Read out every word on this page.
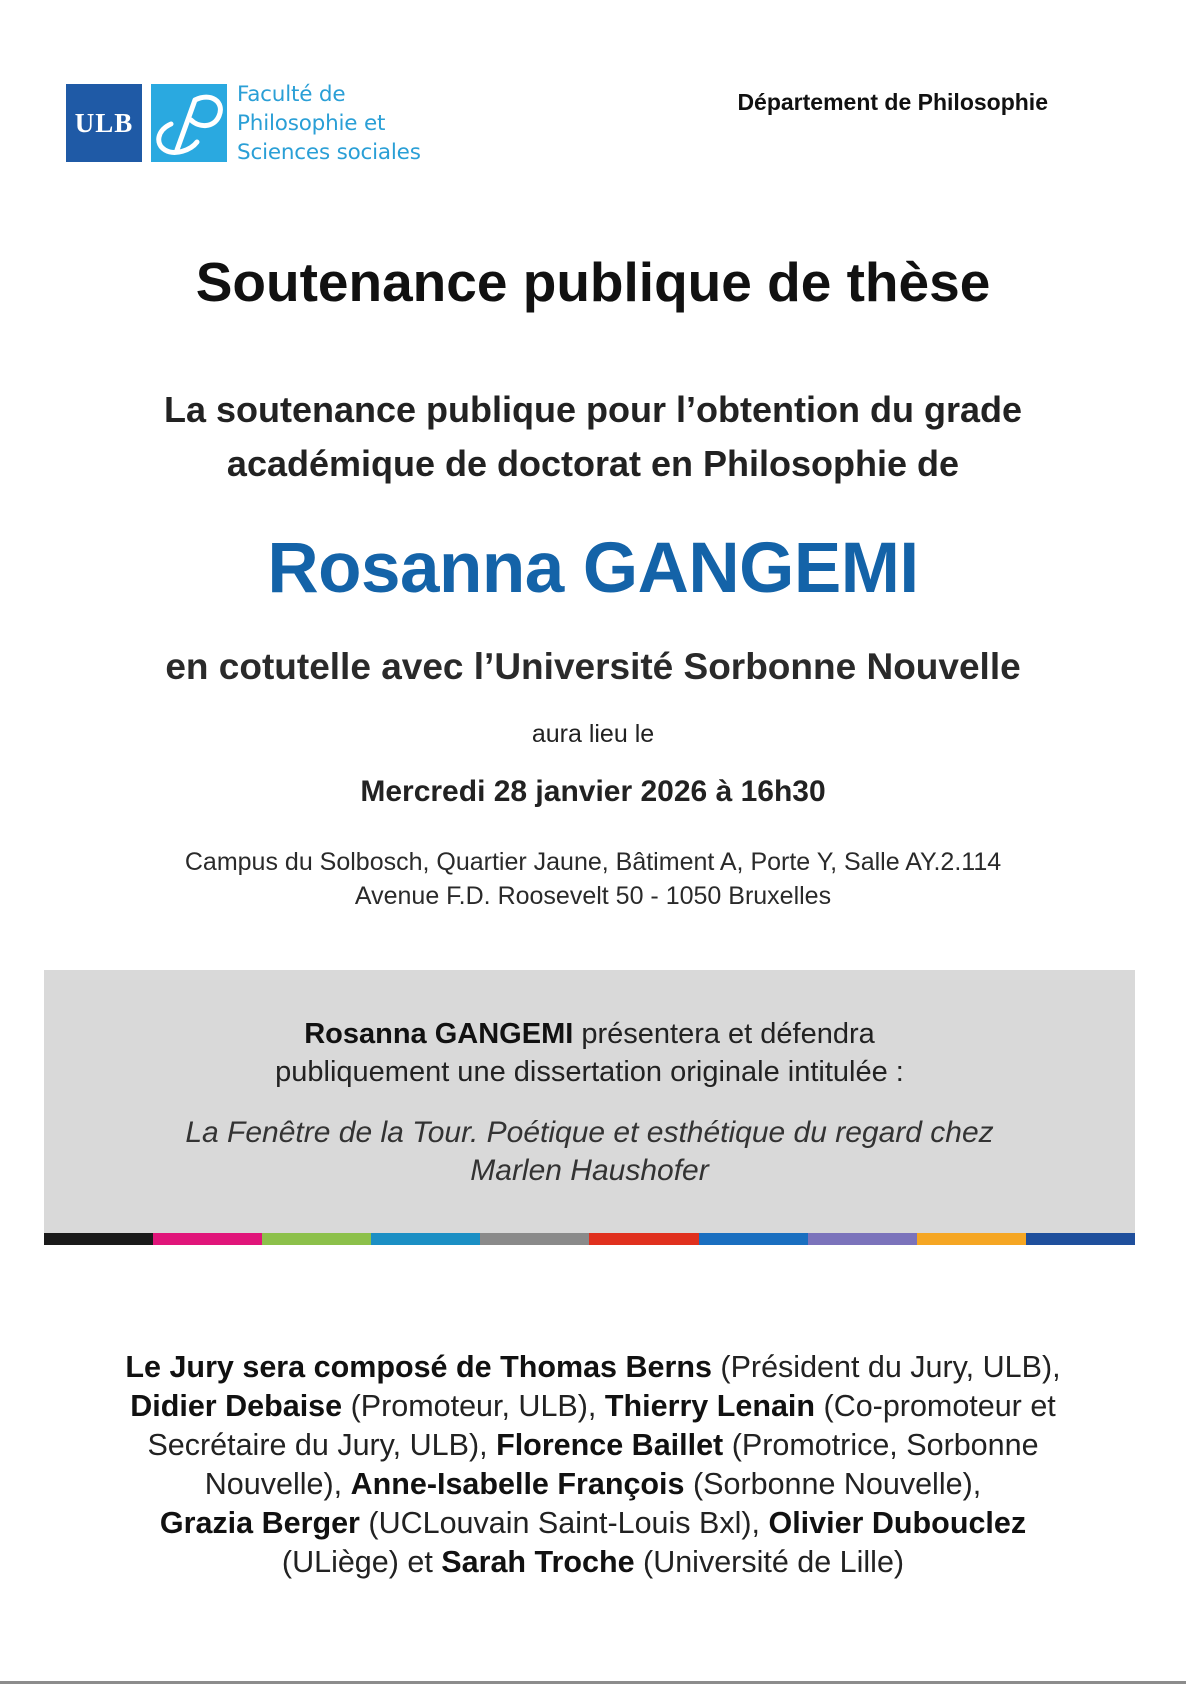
ULB
Faculté de
Philosophie et
Sciences sociales
Département de Philosophie
Soutenance publique de thèse
La soutenance publique pour l’obtention du grade
académique de doctorat en Philosophie de
Rosanna GANGEMI
en cotutelle avec l’Université Sorbonne Nouvelle
aura lieu le
Mercredi 28 janvier 2026 à 16h30
Campus du Solbosch, Quartier Jaune, Bâtiment A, Porte Y, Salle AY.2.114
Avenue F.D. Roosevelt 50 - 1050 Bruxelles
Rosanna GANGEMI présentera et défendra
publiquement une dissertation originale intitulée :
La Fenêtre de la Tour. Poétique et esthétique du regard chez
Marlen Haushofer
Le Jury sera composé de Thomas Berns (Président du Jury, ULB),
Didier Debaise (Promoteur, ULB), Thierry Lenain (Co-promoteur et
Secrétaire du Jury, ULB), Florence Baillet (Promotrice, Sorbonne
Nouvelle), Anne-Isabelle François (Sorbonne Nouvelle),
Grazia Berger (UCLouvain Saint-Louis Bxl), Olivier Dubouclez
(ULiège) et Sarah Troche (Université de Lille)
